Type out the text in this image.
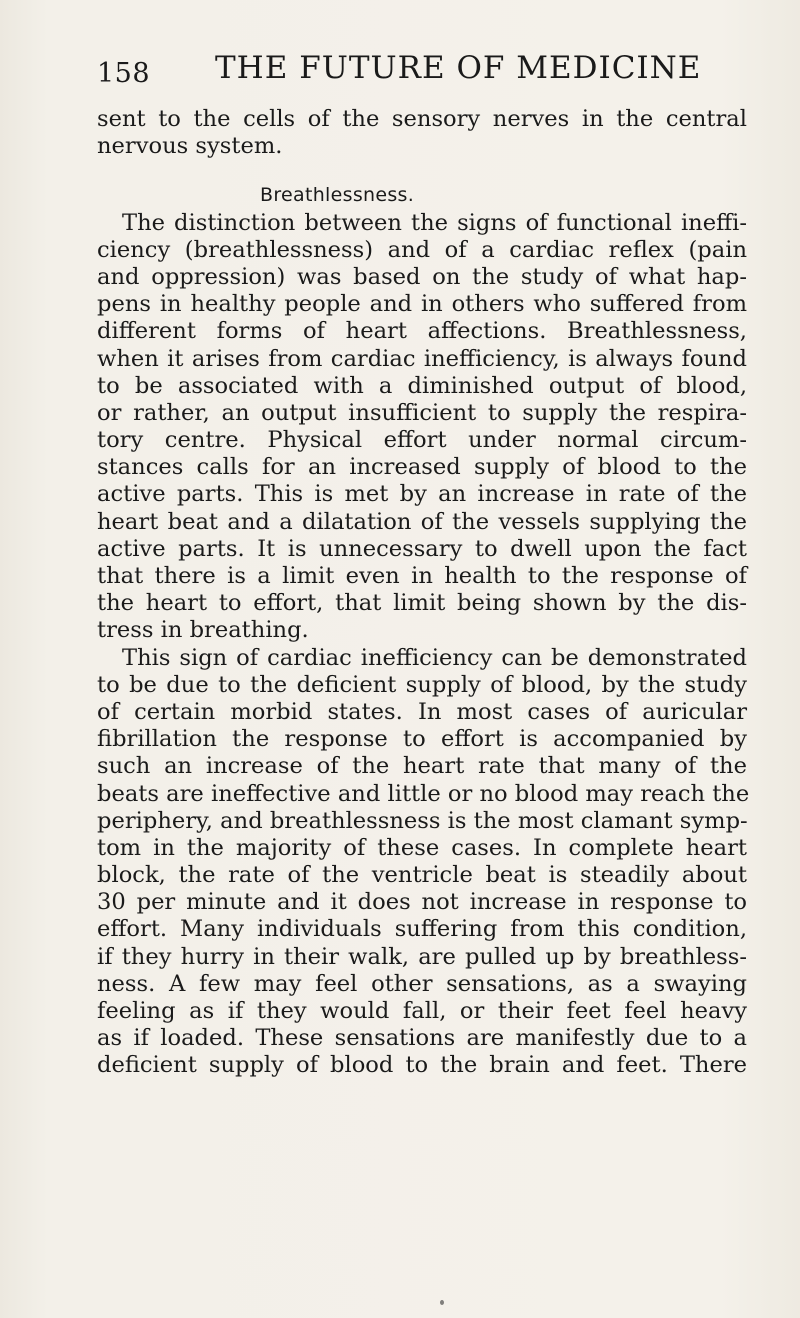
158 THE FUTURE OF MEDICINE
sent to the cells of the sensory nerves in the central
nervous system.
Breathlessness.
The distinction between the signs of functional ineffi-
ciency (breathlessness) and of a cardiac reflex (pain
and oppression) was based on the study of what hap-
pens in healthy people and in others who suffered from
different forms of heart affections. Breathlessness,
when it arises from cardiac inefficiency, is always found
to be associated with a diminished output of blood,
or rather, an output insufficient to supply the respira-
tory centre. Physical effort under normal circum-
stances calls for an increased supply of blood to the
active parts. This is met by an increase in rate of the
heart beat and a dilatation of the vessels supplying the
active parts. It is unnecessary to dwell upon the fact
that there is a limit even in health to the response of
the heart to effort, that limit being shown by the dis-
tress in breathing.
This sign of cardiac inefficiency can be demonstrated
to be due to the deficient supply of blood, by the study
of certain morbid states. In most cases of auricular
fibrillation the response to effort is accompanied by
such an increase of the heart rate that many of the
beats are ineffective and little or no blood may reach the
periphery, and breathlessness is the most clamant symp-
tom in the majority of these cases. In complete heart
block, the rate of the ventricle beat is steadily about
30 per minute and it does not increase in response to
effort. Many individuals suffering from this condition,
if they hurry in their walk, are pulled up by breathless-
ness. A few may feel other sensations, as a swaying
feeling as if they would fall, or their feet feel heavy
as if loaded. These sensations are manifestly due to a
deficient supply of blood to the brain and feet. There
